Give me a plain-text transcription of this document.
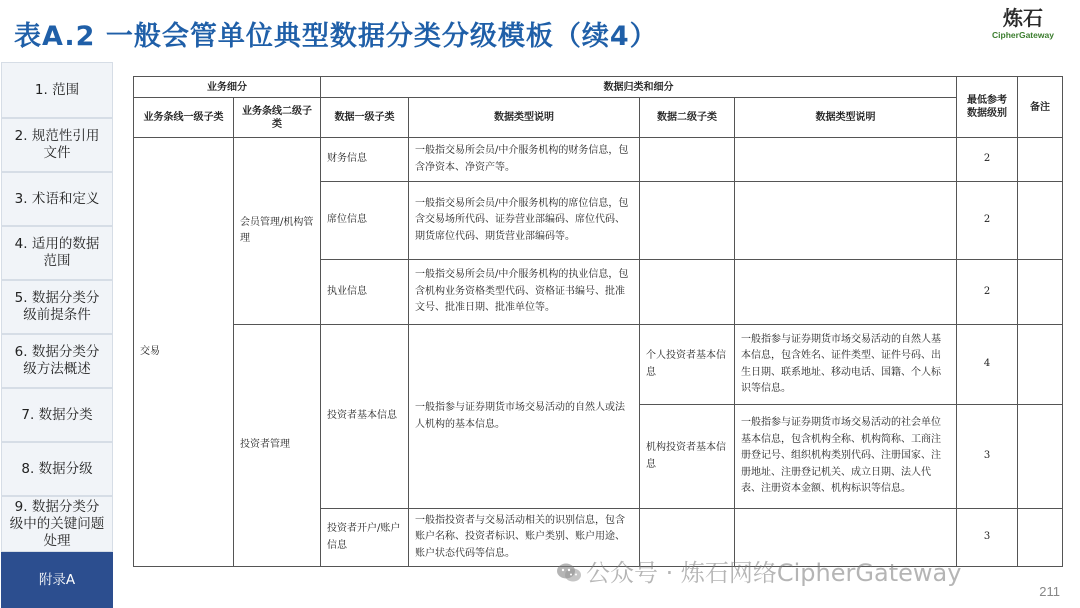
表A.2 一般会管单位典型数据分类分级模板（续4）
炼石
CipherGateway
1. 范围
2. 规范性引用文件
3. 术语和定义
4. 适用的数据范围
5. 数据分类分级前提条件
6. 数据分类分级方法概述
7. 数据分类
8. 数据分级
9. 数据分类分级中的关键问题处理
附录A
业务细分		数据归类和细分				最低参考数据级别	备注
业务条线一级子类	业务条线二级子类	数据一级子类	数据类型说明	数据二级子类	数据类型说明		
交易	会员管理/机构管理	财务信息	一般指交易所会员/中介服务机构的财务信息，包含净资本、净资产等。			2	
		席位信息	一般指交易所会员/中介服务机构的席位信息，包含交易场所代码、证券营业部编码、席位代码、期货席位代码、期货营业部编码等。			2	
		执业信息	一般指交易所会员/中介服务机构的执业信息，包含机构业务资格类型代码、资格证书编号、批准文号、批准日期、批准单位等。			2	
	投资者管理	投资者基本信息	一般指参与证券期货市场交易活动的自然人或法人机构的基本信息。	个人投资者基本信息	一般指参与证券期货市场交易活动的自然人基本信息，包含姓名、证件类型、证件号码、出生日期、联系地址、移动电话、国籍、个人标识等信息。	4	
				机构投资者基本信息	一般指参与证券期货市场交易活动的社会单位基本信息，包含机构全称、机构简称、工商注册登记号、组织机构类别代码、注册国家、注册地址、注册登记机关、成立日期、法人代表、注册资本金额、机构标识等信息。	3	
		投资者开户/账户信息	一般指投资者与交易活动相关的识别信息，包含账户名称、投资者标识、账户类别、账户用途、账户状态代码等信息。			3	
公众号 · 炼石网络CipherGateway
211
